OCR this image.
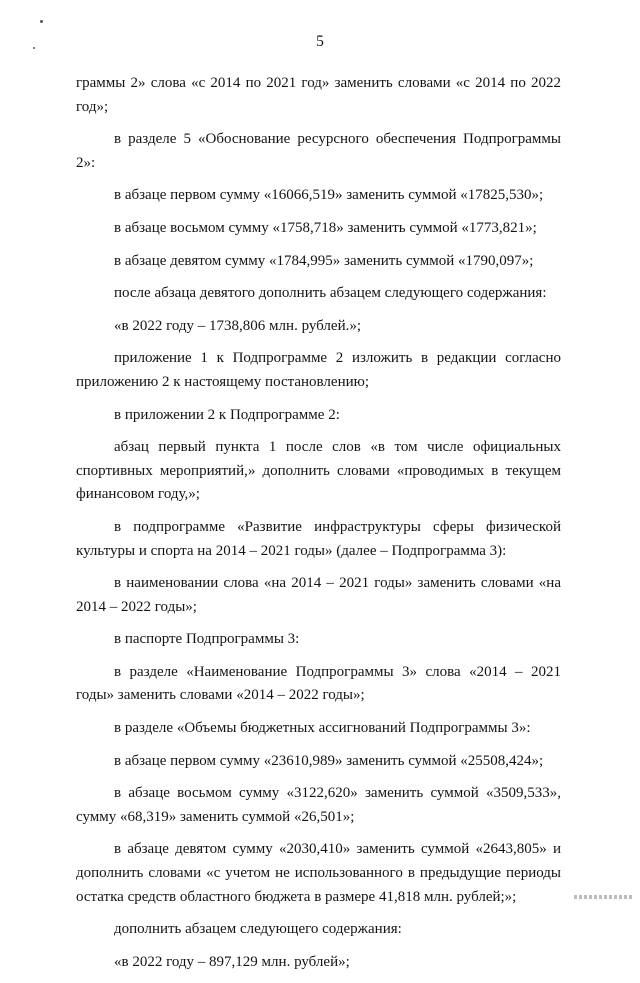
5

граммы 2» слова «с 2014 по 2021 год» заменить словами «с 2014 по 2022 год»;

в разделе 5 «Обоснование ресурсного обеспечения Подпрограммы 2»:

в абзаце первом сумму «16066,519» заменить суммой «17825,530»;

в абзаце восьмом сумму «1758,718» заменить суммой «1773,821»;

в абзаце девятом сумму «1784,995» заменить суммой «1790,097»;

после абзаца девятого дополнить абзацем следующего содержания:

«в 2022 году – 1738,806 млн. рублей.»;

приложение 1 к Подпрограмме 2 изложить в редакции согласно приложению 2 к настоящему постановлению;

в приложении 2 к Подпрограмме 2:

абзац первый пункта 1 после слов «в том числе официальных спортивных мероприятий,» дополнить словами «проводимых в текущем финансовом году,»;

в подпрограмме «Развитие инфраструктуры сферы физической культуры и спорта на 2014 – 2021 годы» (далее – Подпрограмма 3):

в наименовании слова «на 2014 – 2021 годы» заменить словами «на 2014 – 2022 годы»;

в паспорте Подпрограммы 3:

в разделе «Наименование Подпрограммы 3» слова «2014 – 2021 годы» заменить словами «2014 – 2022 годы»;

в разделе «Объемы бюджетных ассигнований Подпрограммы 3»:

в абзаце первом сумму «23610,989» заменить суммой «25508,424»;

в абзаце восьмом сумму «3122,620» заменить суммой «3509,533», сумму «68,319» заменить суммой «26,501»;

в абзаце девятом сумму «2030,410» заменить суммой «2643,805» и дополнить словами «с учетом не использованного в предыдущие периоды остатка средств областного бюджета в размере 41,818 млн. рублей;»;

дополнить абзацем следующего содержания:

«в 2022 году – 897,129 млн. рублей»;
